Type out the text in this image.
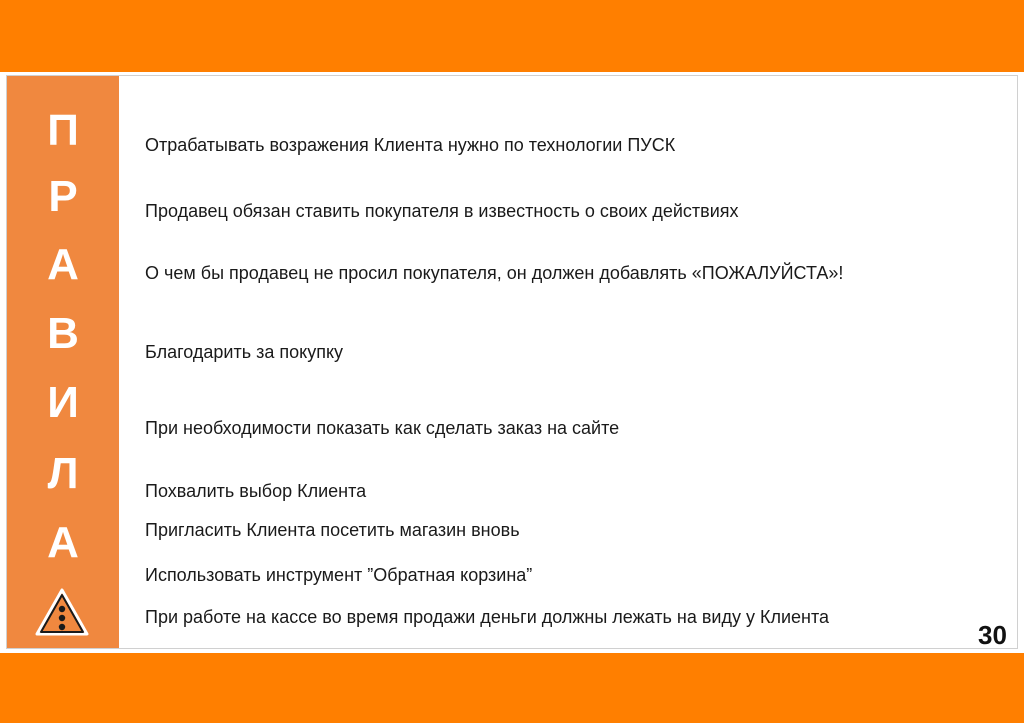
П
Р
А
В
И
Л
А

Отрабатывать возражения Клиента нужно по технологии ПУСК

Продавец обязан ставить покупателя в известность о своих действиях

О чем бы продавец не просил покупателя, он должен добавлять «ПОЖАЛУЙСТА»!

Благодарить за покупку

При необходимости показать как сделать заказ на сайте

Похвалить выбор Клиента

Пригласить Клиента посетить магазин вновь

Использовать инструмент ”Обратная корзина”

При работе на кассе во время продажи деньги должны лежать на виду у Клиента

30
